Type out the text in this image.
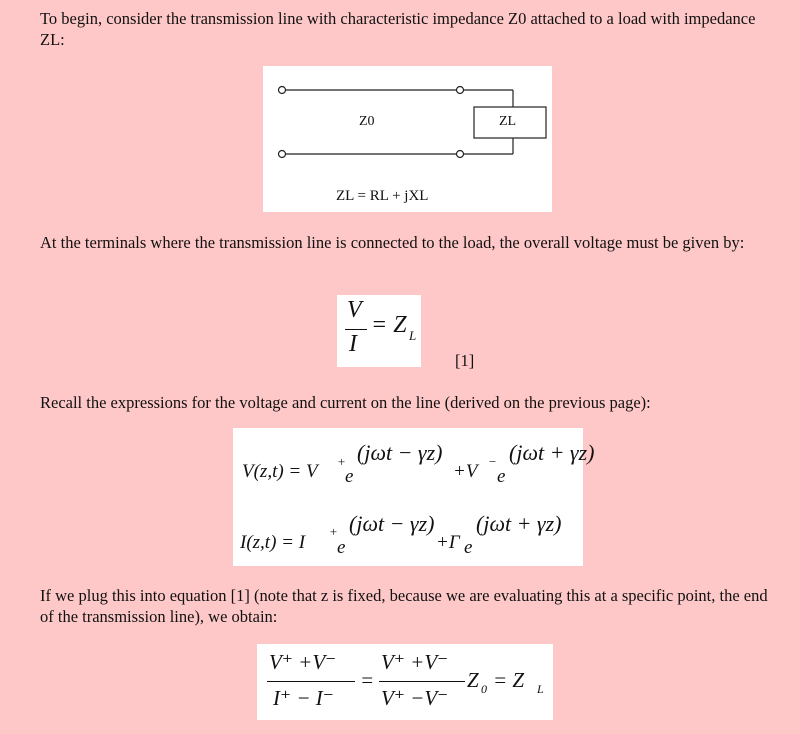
To begin, consider the transmission line with characteristic impedance Z0 attached to a load with impedance ZL:

Z0	ZL
ZL = RL + jXL

At the terminals where the transmission line is connected to the load, the overall voltage must be given by:

V
I
= Z L
[1]

Recall the expressions for the voltage and current on the line (derived on the previous page):

V(z,t) = V +
e
(jωt − γz)
+V −
e
(jωt + γz)
I(z,t) = I
+
e
(jωt − γz)
+Γ e
(jωt + γz)

If we plug this into equation [1] (note that z is fixed, because we are evaluating this at a specific point, the end of the transmission line), we obtain:

V⁺ +V⁻
I⁺ − I⁻
=
V⁺ +V⁻
V⁺ −V⁻
Z 0 = Z L
